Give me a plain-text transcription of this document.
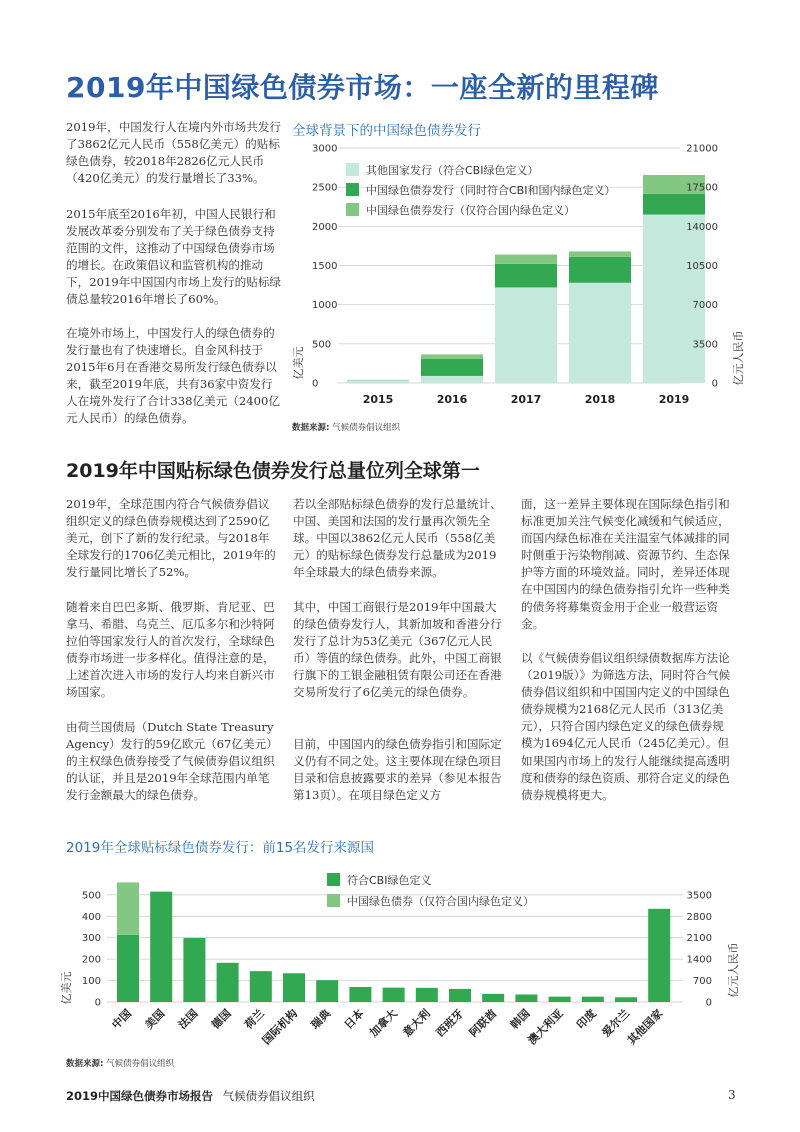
2019年中国绿色债券市场：一座全新的里程碑

2019年，中国发行人在境内外市场共发行了3862亿元人民币（558亿美元）的贴标绿色债券，较2018年2826亿元人民币（420亿美元）的发行量增长了33%。

2015年底至2016年初，中国人民银行和发展改革委分别发布了关于绿色债券支持范围的文件，这推动了中国绿色债券市场的增长。在政策倡议和监管机构的推动下，2019年中国国内市场上发行的贴标绿债总量较2016年增长了60%。

在境外市场上，中国发行人的绿色债券的发行量也有了快速增长。自金风科技于2015年6月在香港交易所发行绿色债券以来，截至2019年底，共有36家中资发行人在境外发行了合计338亿美元（2400亿元人民币）的绿色债券。

全球背景下的中国绿色债券发行
0	0
500	3500
1000	7000
1500	10500
2000	14000
2500	17500
3000	21000
2015	2016	2017	2018	2019
其他国家发行（符合CBI绿色定义）
中国绿色债券发行（同时符合CBI和国内绿色定义）
中国绿色债券发行（仅符合国内绿色定义）
亿美元	亿元人民币
数据来源: 气候债券倡议组织
2019年中国贴标绿色债券发行总量位列全球第一

2019年，全球范围内符合气候债券倡议组织定义的绿色债券规模达到了2590亿美元，创下了新的发行纪录。与2018年全球发行的1706亿美元相比，2019年的发行量同比增长了52%。

随着来自巴巴多斯、俄罗斯、肯尼亚、巴拿马、希腊、乌克兰、厄瓜多尔和沙特阿拉伯等国家发行人的首次发行，全球绿色债券市场进一步多样化。值得注意的是，上述首次进入市场的发行人均来自新兴市场国家。

由荷兰国债局（Dutch State Treasury Agency）发行的59亿欧元（67亿美元）的主权绿色债券接受了气候债券倡议组织的认证，并且是2019年全球范围内单笔发行金额最大的绿色债券。

若以全部贴标绿色债券的发行总量统计、中国、美国和法国的发行量再次领先全球。中国以3862亿元人民币（558亿美元）的贴标绿色债券发行总量成为2019年全球最大的绿色债券来源。

其中，中国工商银行是2019年中国最大的绿色债券发行人，其新加坡和香港分行发行了总计为53亿美元（367亿元人民币）等值的绿色债券。此外，中国工商银行旗下的工银金融租赁有限公司还在香港交易所发行了6亿美元的绿色债券。

目前，中国国内的绿色债券指引和国际定义仍有不同之处。这主要体现在绿色项目目录和信息披露要求的差异（参见本报告第13页）。在项目绿色定义方

面，这一差异主要体现在国际绿色指引和标准更加关注气候变化减缓和气候适应，而国内绿色标准在关注温室气体减排的同时侧重于污染物削减、资源节约、生态保护等方面的环境效益。同时，差异还体现在中国国内的绿色债券指引允许一些种类的债务将募集资金用于企业一般营运资金。

以《气候债券倡议组织绿债数据库方法论（2019版）》为筛选方法，同时符合气候债券倡议组织和中国国内定义的中国绿色债券规模为2168亿元人民币（313亿美元），只符合国内绿色定义的绿色债券规模为1694亿元人民币（245亿美元）。但如果国内市场上的发行人能继续提高透明度和债券的绿色资质、那符合定义的绿色债券规模将更大。

2019年全球贴标绿色债券发行：前15名发行来源国
0	0
100	700
200	1400
300	2100
400	2800
500	3500
中国 美国 法国 德国 荷兰
国际机构 瑞典 日本 加拿大 意大利 西班牙 阿联酋 韩国
澳大利亚 印度 爱尔兰
其他国家
符合CBI绿色定义
中国绿色债券（仅符合国内绿色定义）
亿美元	亿元人民币
数据来源: 气候债券倡议组织
2019中国绿色债券市场报告 气候债券倡议组织	3
